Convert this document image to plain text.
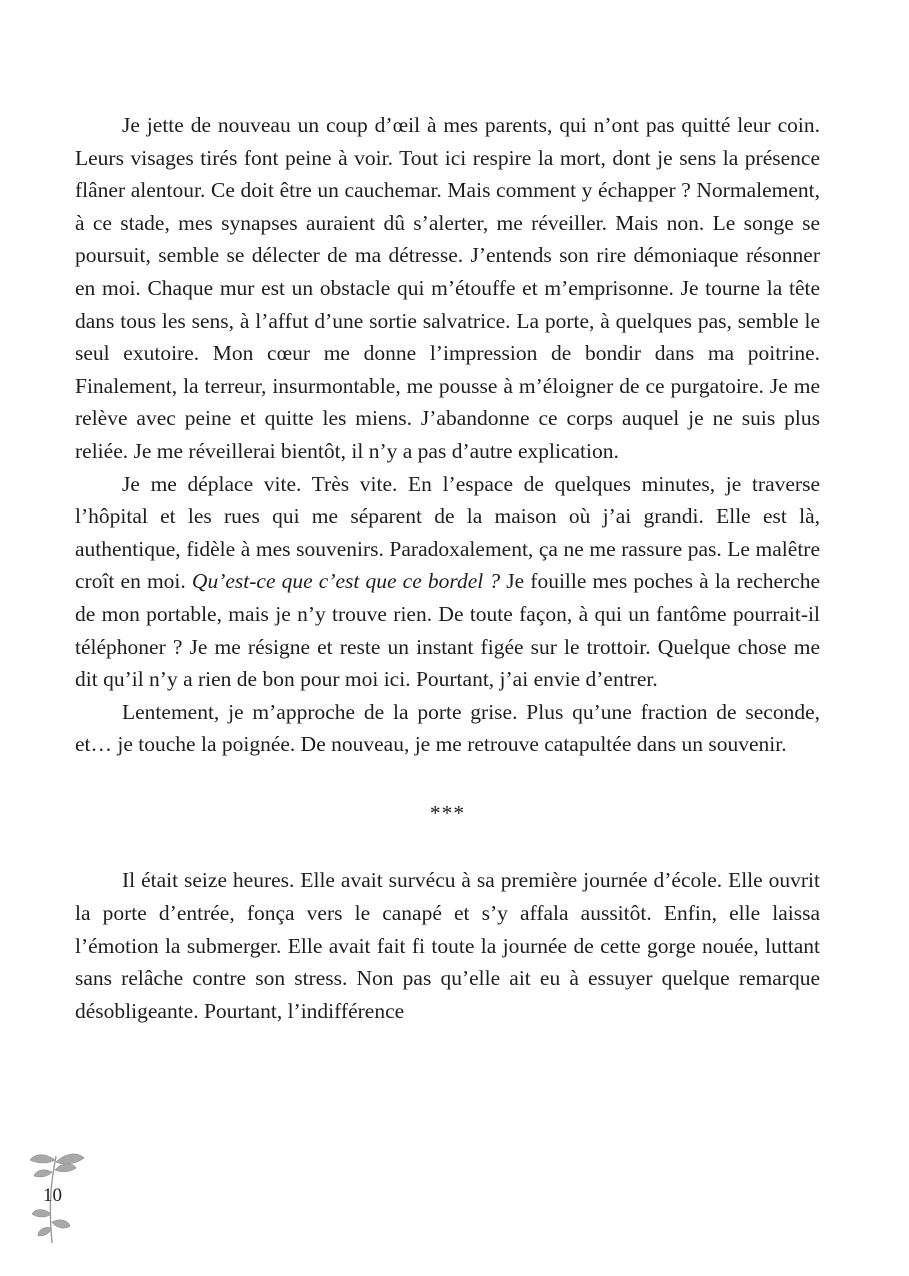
Je jette de nouveau un coup d’œil à mes parents, qui n’ont pas quitté leur coin. Leurs visages tirés font peine à voir. Tout ici respire la mort, dont je sens la présence flâner alentour. Ce doit être un cauchemar. Mais comment y échapper ? Normalement, à ce stade, mes synapses auraient dû s’alerter, me réveiller. Mais non. Le songe se poursuit, semble se délecter de ma détresse. J’entends son rire démoniaque résonner en moi. Chaque mur est un obstacle qui m’étouffe et m’emprisonne. Je tourne la tête dans tous les sens, à l’affut d’une sortie salvatrice. La porte, à quelques pas, semble le seul exutoire. Mon cœur me donne l’impression de bondir dans ma poitrine. Finalement, la terreur, insurmontable, me pousse à m’éloigner de ce purgatoire. Je me relève avec peine et quitte les miens. J’abandonne ce corps auquel je ne suis plus reliée. Je me réveillerai bientôt, il n’y a pas d’autre explication.

Je me déplace vite. Très vite. En l’espace de quelques minutes, je traverse l’hôpital et les rues qui me séparent de la maison où j’ai grandi. Elle est là, authentique, fidèle à mes souvenirs. Paradoxalement, ça ne me rassure pas. Le malêtre croît en moi. Qu’est-ce que c’est que ce bordel ? Je fouille mes poches à la recherche de mon portable, mais je n’y trouve rien. De toute façon, à qui un fantôme pourrait-il téléphoner ? Je me résigne et reste un instant figée sur le trottoir. Quelque chose me dit qu’il n’y a rien de bon pour moi ici. Pourtant, j’ai envie d’entrer.

Lentement, je m’approche de la porte grise. Plus qu’une fraction de seconde, et… je touche la poignée. De nouveau, je me retrouve catapultée dans un souvenir.

***

Il était seize heures. Elle avait survécu à sa première journée d’école. Elle ouvrit la porte d’entrée, fonça vers le canapé et s’y affala aussitôt. Enfin, elle laissa l’émotion la submerger. Elle avait fait fi toute la journée de cette gorge nouée, luttant sans relâche contre son stress. Non pas qu’elle ait eu à essuyer quelque remarque désobligeante. Pourtant, l’indifférence

10
